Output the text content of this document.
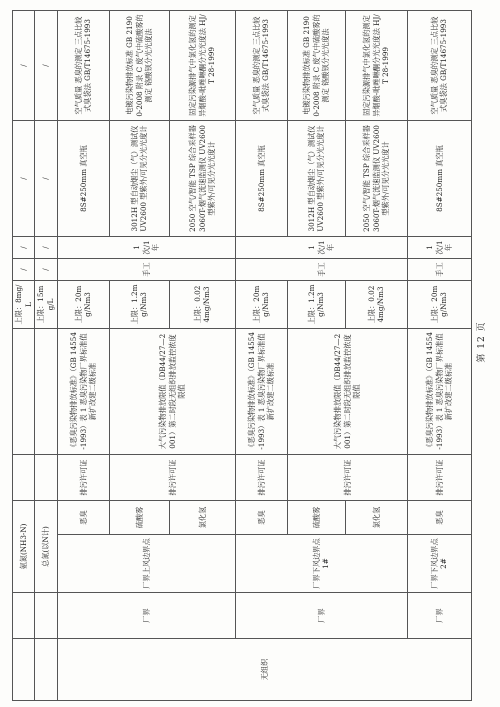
		氨氮(NH3-N)				上限：8mg/L	/	/	/	/
		总氮(以N计)				上限：15mg/L	/	/	/	/
无组织	厂界	厂界上风边界点	恶臭	排污许可证	《恶臭污染物排放标准》（GB 14554-1993）表 1 恶臭污染物厂界标准值新扩改建二级标准	上限：20mg/Nm3	手工	1 次/1 年	8S#250mm 真空瓶	空气质量 恶臭的测定 三点比较式臭袋法 GB/T14675-1993
			硫酸雾	排污许可证	大气污染物排放限值（DB44/27—2001）第二时段无组织排放监控浓度限值	上限：1.2mg/Nm3			3012H 型自动烟尘（气）测试仪 UV2600 型紫外/可见分光光度计	电镀污染物排放标准 GB 21900-2008 附录 C 废气中硫酸雾的测定 铬酸钡分光光度法
			氯化氢			上限：0.024mg/Nm3			2050 空气/智能 TSP 综合采样器 3060T-烟气流速监测仪 UV2600 型紫外/可见分光光度计	固定污染源排气中氯化氢的测定 异烟酸-吡唑啉酮分光光度法 HJ/T 28-1999
	厂界	厂界下风边界点 1#	恶臭	排污许可证	《恶臭污染物排放标准》（GB 14554-1993）表 1 恶臭污染物厂界标准值新扩改建二级标准	上限：20mg/Nm3	手工	1 次/1 年	8S#250mm 真空瓶	空气质量 恶臭的测定 三点比较式臭袋法 GB/T14675-1993
			硫酸雾	排污许可证	大气污染物排放限值（DB44/27—2001）第二时段无组织排放监控浓度限值	上限：1.2mg/Nm3			3012H 型自动烟尘（气）测试仪 UV2600 型紫外/可见分光光度计	电镀污染物排放标准 GB 21900-2008 附录 C 废气中硫酸雾的测定 铬酸钡分光光度法
			氯化氢			上限：0.024mg/Nm3			2050 空气/智能 TSP 综合采样器 3060T-烟气流速监测仪 UV2600 型紫外/可见分光光度计	固定污染源排气中氯化氢的测定 异烟酸-吡唑啉酮分光光度法 HJ/T 28-1999
	厂界	厂界下风边界点 2#	恶臭	排污许可证	《恶臭污染物排放标准》（GB 14554-1993）表 1 恶臭污染物厂界标准值新扩改建二级标准	上限：20mg/Nm3	手工	1 次/1 年	8S#250mm 真空瓶	空气质量 恶臭的测定 三点比较式臭袋法 GB/T14675-1993
第 12 页
